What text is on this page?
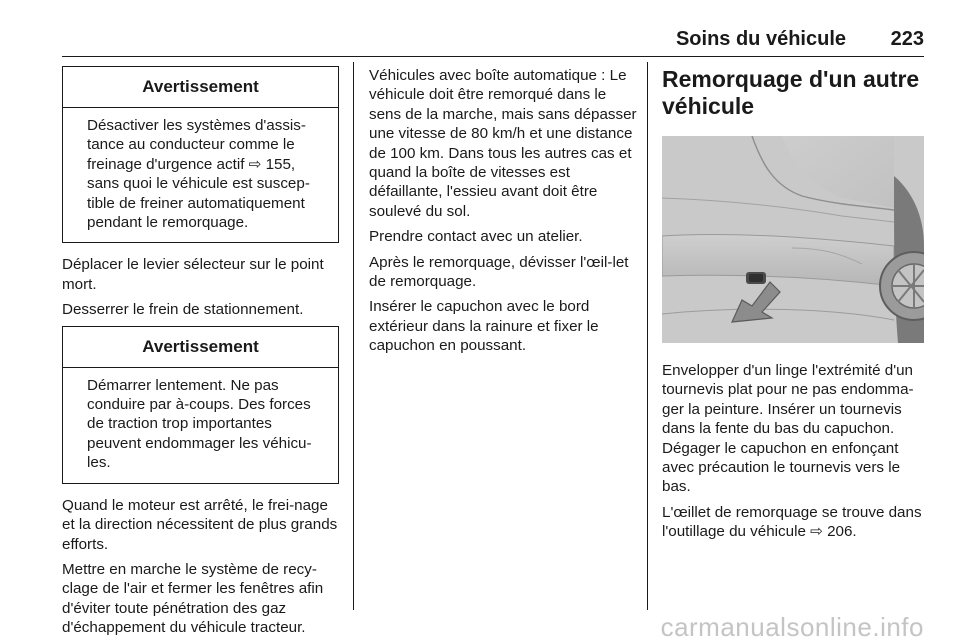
Soins du véhicule 223
Avertissement
Désactiver les systèmes d'assis-tance au conducteur comme le freinage d'urgence actif ⇨ 155, sans quoi le véhicule est suscep-tible de freiner automatiquement pendant le remorquage.

Déplacer le levier sélecteur sur le point mort.

Desserrer le frein de stationnement.

Avertissement
Démarrer lentement. Ne pas conduire par à-coups. Des forces de traction trop importantes peuvent endommager les véhicu-les.

Quand le moteur est arrêté, le frei-nage et la direction nécessitent de plus grands efforts.

Mettre en marche le système de recy-clage de l'air et fermer les fenêtres afin d'éviter toute pénétration des gaz d'échappement du véhicule tracteur.

Véhicules avec boîte automatique : Le véhicule doit être remorqué dans le sens de la marche, mais sans dépasser une vitesse de 80 km/h et une distance de 100 km. Dans tous les autres cas et quand la boîte de vitesses est défaillante, l'essieu avant doit être soulevé du sol.

Prendre contact avec un atelier.

Après le remorquage, dévisser l'œil-let de remorquage.

Insérer le capuchon avec le bord extérieur dans la rainure et fixer le capuchon en poussant.

Remorquage d'un autre véhicule

Envelopper d'un linge l'extrémité d'un tournevis plat pour ne pas endomma-ger la peinture. Insérer un tournevis dans la fente du bas du capuchon. Dégager le capuchon en enfonçant avec précaution le tournevis vers le bas.

L'œillet de remorquage se trouve dans l'outillage du véhicule ⇨ 206.

carmanualsonline.info
